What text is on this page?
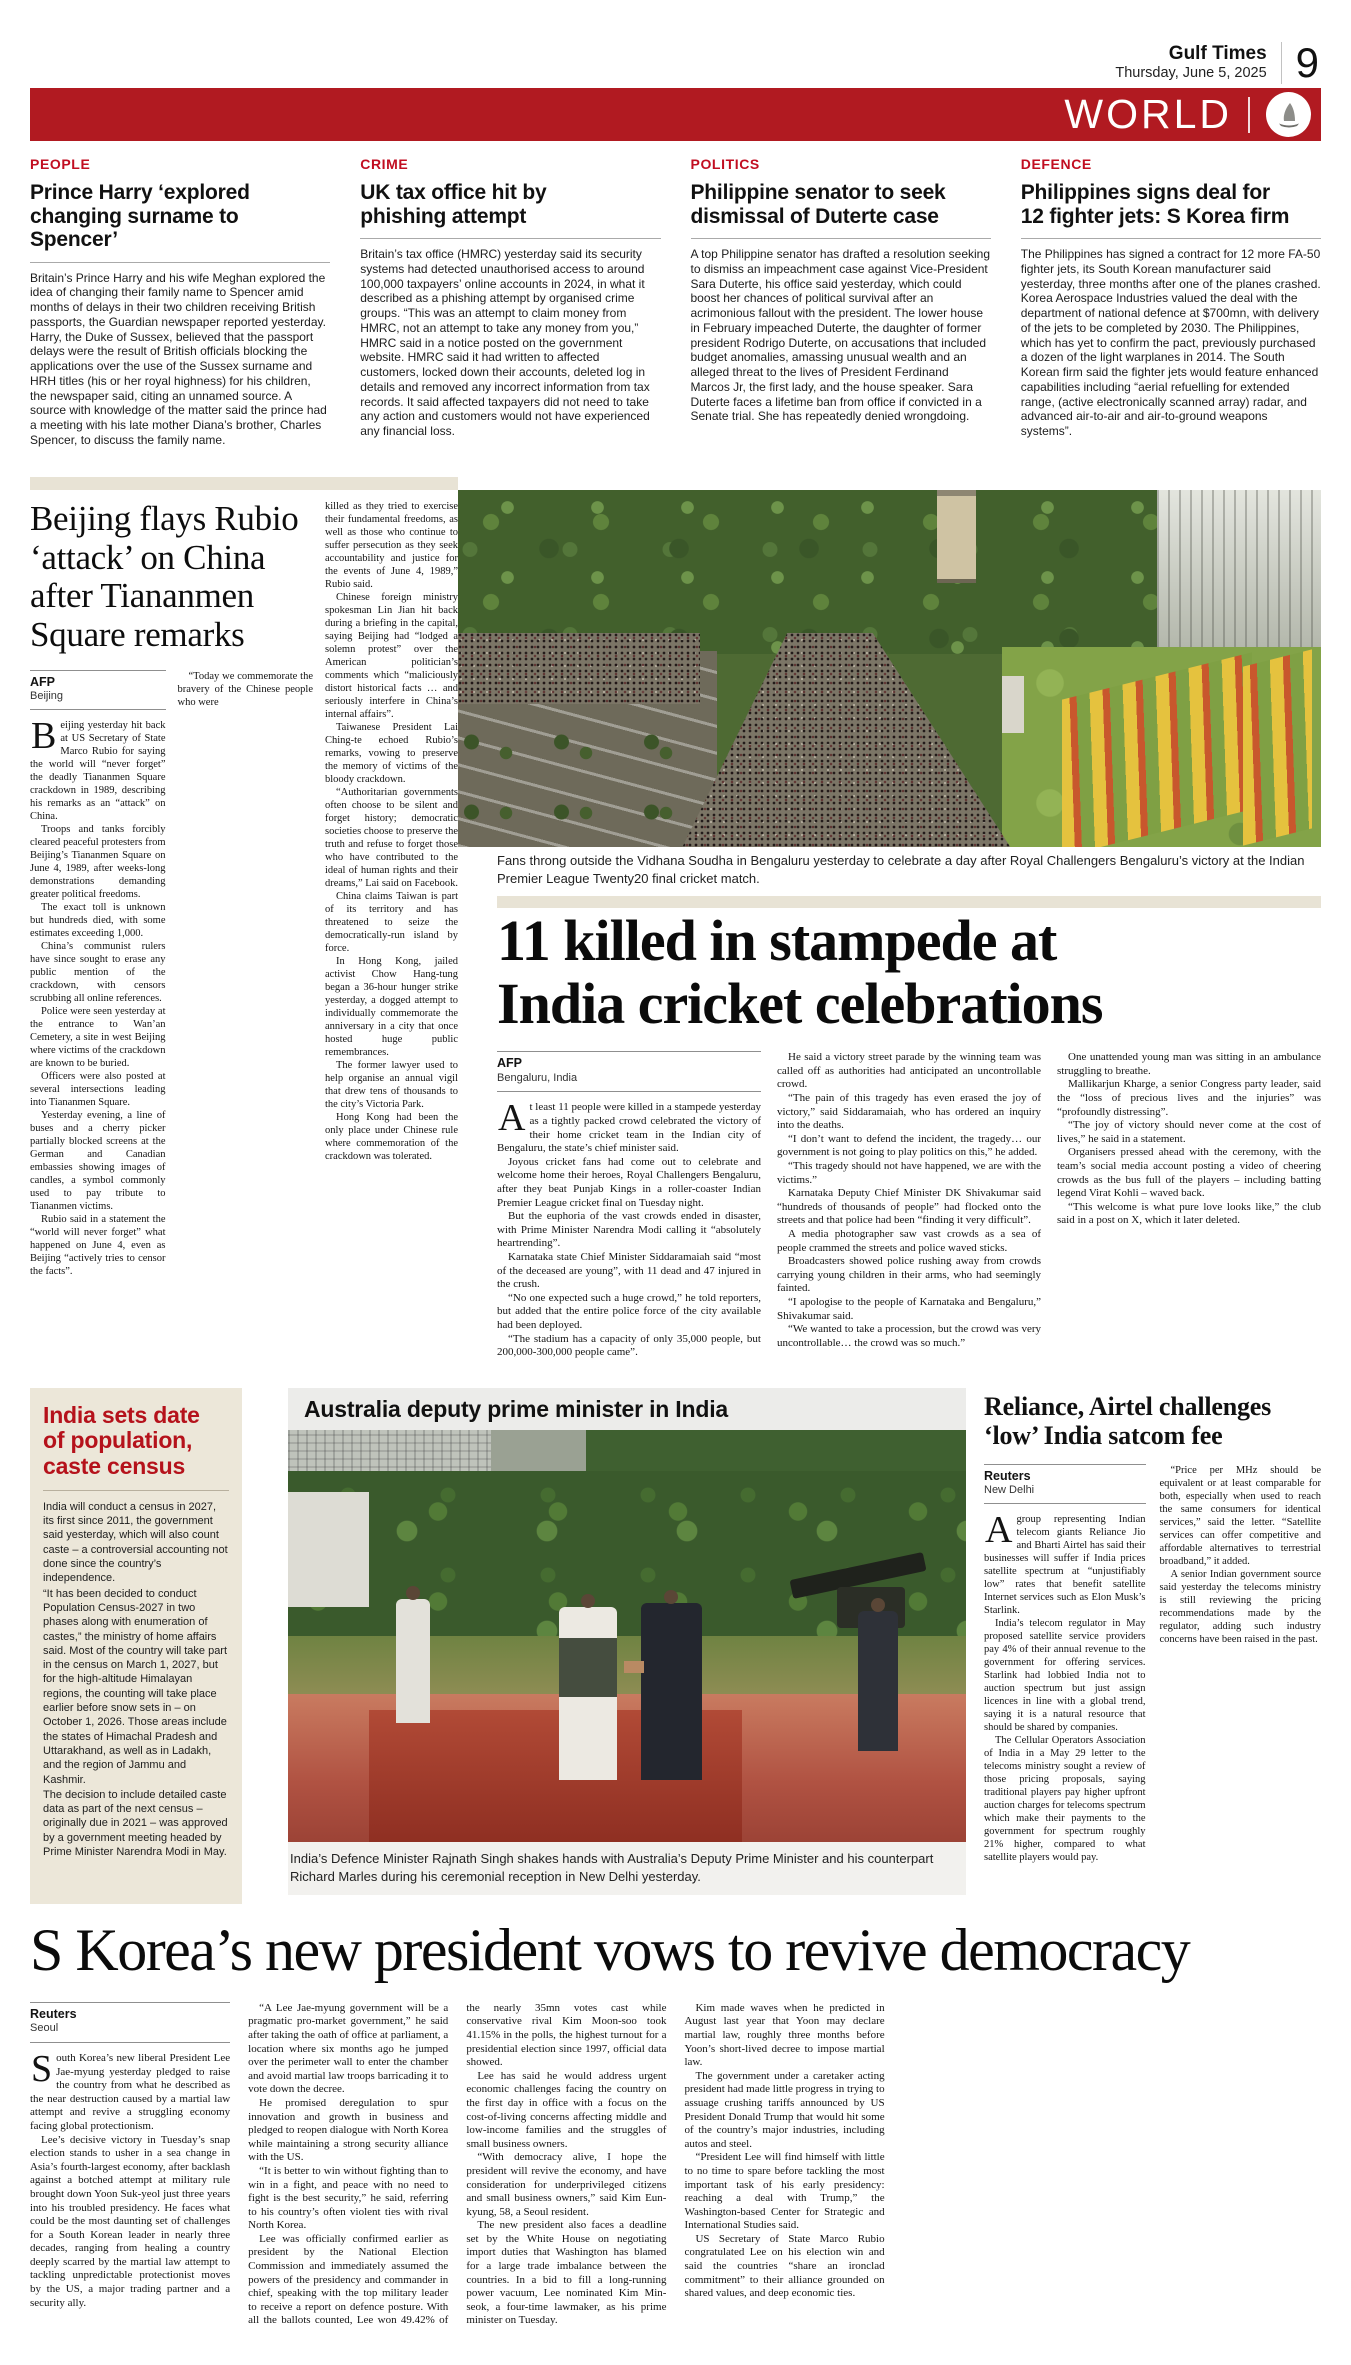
Gulf Times
Thursday, June 5, 2025 9
WORLD
PEOPLE

Prince Harry ‘explored

changing surname to Spencer’

Britain’s Prince Harry and his wife Meghan explored the idea of changing their family name to Spencer amid months of delays in their two children receiving British passports, the Guardian newspaper reported yesterday. Harry, the Duke of Sussex, believed that the passport delays were the result of British officials blocking the applications over the use of the Sussex surname and HRH titles (his or her royal highness) for his children, the newspaper said, citing an unnamed source. A source with knowledge of the matter said the prince had a meeting with his late mother Diana’s brother, Charles Spencer, to discuss the family name.
CRIME

UK tax office hit by

phishing attempt

Britain’s tax office (HMRC) yesterday said its security systems had detected unauthorised access to around 100,000 taxpayers’ online accounts in 2024, in what it described as a phishing attempt by organised crime groups. “This was an attempt to claim money from HMRC, not an attempt to take any money from you,” HMRC said in a notice posted on the government website. HMRC said it had written to affected customers, locked down their accounts, deleted log in details and removed any incorrect information from tax records. It said affected taxpayers did not need to take any action and customers would not have experienced any financial loss.
POLITICS

Philippine senator to seek

dismissal of Duterte case

A top Philippine senator has drafted a resolution seeking to dismiss an impeachment case against Vice-President Sara Duterte, his office said yesterday, which could boost her chances of political survival after an acrimonious fallout with the president. The lower house in February impeached Duterte, the daughter of former president Rodrigo Duterte, on accusations that included budget anomalies, amassing unusual wealth and an alleged threat to the lives of President Ferdinand Marcos Jr, the first lady, and the house speaker. Sara Duterte faces a lifetime ban from office if convicted in a Senate trial. She has repeatedly denied wrongdoing.
DEFENCE

Philippines signs deal for

12 fighter jets: S Korea firm

The Philippines has signed a contract for 12 more FA-50 fighter jets, its South Korean manufacturer said yesterday, three months after one of the planes crashed. Korea Aerospace Industries valued the deal with the department of national defence at $700mn, with delivery of the jets to be completed by 2030. The Philippines, which has yet to confirm the pact, previously purchased a dozen of the light warplanes in 2014. The South Korean firm said the fighter jets would feature enhanced capabilities including “aerial refuelling for extended range, (active electronically scanned array) radar, and advanced air-to-air and air-to-ground weapons systems”.

Beijing flays Rubio

‘attack’ on China

after Tiananmen

Square remarks

AFP
Beijing

Beijing yesterday hit back at US Secretary of State Marco Rubio for saying the world will “never forget” the deadly Tiananmen Square crackdown in 1989, describing his remarks as an “attack” on China.

Troops and tanks forcibly cleared peaceful protesters from Beijing’s Tiananmen Square on June 4, 1989, after weeks-long demonstrations demanding greater political freedoms.

The exact toll is unknown but hundreds died, with some estimates exceeding 1,000.

China’s communist rulers have since sought to erase any public mention of the crackdown, with censors scrubbing all online references.

Police were seen yesterday at the entrance to Wan’an Cemetery, a site in west Beijing where victims of the crackdown are known to be buried.

Officers were also posted at several intersections leading into Tiananmen Square.

Yesterday evening, a line of buses and a cherry picker partially blocked screens at the German and Canadian embassies showing images of candles, a symbol commonly used to pay tribute to Tiananmen victims.

Rubio said in a statement the “world will never forget” what happened on June 4, even as Beijing “actively tries to censor the facts”.

“Today we commemorate the bravery of the Chinese people who were

killed as they tried to exercise their fundamental freedoms, as well as those who continue to suffer persecution as they seek accountability and justice for the events of June 4, 1989,” Rubio said.

Chinese foreign ministry spokesman Lin Jian hit back during a briefing in the capital, saying Beijing had “lodged a solemn protest” over the American politician’s comments which “maliciously distort historical facts … and seriously interfere in China’s internal affairs”.

Taiwanese President Lai Ching-te echoed Rubio’s remarks, vowing to preserve the memory of victims of the bloody crackdown.

“Authoritarian governments often choose to be silent and forget history; democratic societies choose to preserve the truth and refuse to forget those who have contributed to the ideal of human rights and their dreams,” Lai said on Facebook.

China claims Taiwan is part of its territory and has threatened to seize the democratically-run island by force.

In Hong Kong, jailed activist Chow Hang-tung began a 36-hour hunger strike yesterday, a dogged attempt to individually commemorate the anniversary in a city that once hosted huge public remembrances.

The former lawyer used to help organise an annual vigil that drew tens of thousands to the city’s Victoria Park.

Hong Kong had been the only place under Chinese rule where commemoration of the crackdown was tolerated.

Fans throng outside the Vidhana Soudha in Bengaluru yesterday to celebrate a day after Royal Challengers Bengaluru’s victory at the Indian Premier League Twenty20 final cricket match.

11 killed in stampede at

India cricket celebrations

AFP
Bengaluru, India

At least 11 people were killed in a stampede yesterday as a tightly packed crowd celebrated the victory of their home cricket team in the Indian city of Bengaluru, the state’s chief minister said.

Joyous cricket fans had come out to celebrate and welcome home their heroes, Royal Challengers Bengaluru, after they beat Punjab Kings in a roller-coaster Indian Premier League cricket final on Tuesday night.

But the euphoria of the vast crowds ended in disaster, with Prime Minister Narendra Modi calling it “absolutely heartrending”.

Karnataka state Chief Minister Siddaramaiah said “most of the deceased are young”, with 11 dead and 47 injured in the crush.

“No one expected such a huge crowd,” he told reporters, but added that the entire police force of the city available had been deployed.

“The stadium has a capacity of only 35,000 people, but 200,000-300,000 people came”.

He said a victory street parade by the winning team was called off as authorities had anticipated an uncontrollable crowd.

“The pain of this tragedy has even erased the joy of victory,” said Siddaramaiah, who has ordered an inquiry into the deaths.

“I don’t want to defend the incident, the tragedy… our government is not going to play politics on this,” he added.

“This tragedy should not have happened, we are with the victims.”

Karnataka Deputy Chief Minister DK Shivakumar said “hundreds of thousands of people” had flocked onto the streets and that police had been “finding it very difficult”.

A media photographer saw vast crowds as a sea of people crammed the streets and police waved sticks.

Broadcasters showed police rushing away from crowds carrying young children in their arms, who had seemingly fainted.

“I apologise to the people of Karnataka and Bengaluru,” Shivakumar said.

“We wanted to take a procession, but the crowd was very uncontrollable… the crowd was so much.”

One unattended young man was sitting in an ambulance struggling to breathe.

Mallikarjun Kharge, a senior Congress party leader, said the “loss of precious lives and the injuries” was “profoundly distressing”.

“The joy of victory should never come at the cost of lives,” he said in a statement.

Organisers pressed ahead with the ceremony, with the team’s social media account posting a video of cheering crowds as the bus full of the players – including batting legend Virat Kohli – waved back.

“This welcome is what pure love looks like,” the club said in a post on X, which it later deleted.

India sets date

of population,

caste census

India will conduct a census in 2027, its first since 2011, the government said yesterday, which will also count caste – a controversial accounting not done since the country’s independence.

“It has been decided to conduct Population Census-2027 in two phases along with enumeration of castes,” the ministry of home affairs said. Most of the country will take part in the census on March 1, 2027, but for the high-altitude Himalayan regions, the counting will take place earlier before snow sets in – on October 1, 2026. Those areas include the states of Himachal Pradesh and Uttarakhand, as well as in Ladakh, and the region of Jammu and Kashmir.

The decision to include detailed caste data as part of the next census – originally due in 2021 – was approved by a government meeting headed by Prime Minister Narendra Modi in May.

Australia deputy prime minister in India
India’s Defence Minister Rajnath Singh shakes hands with Australia’s Deputy Prime Minister and his counterpart Richard Marles during his ceremonial reception in New Delhi yesterday.

Reliance, Airtel challenges

‘low’ India satcom fee

Reuters
New Delhi

Agroup representing Indian telecom giants Reliance Jio and Bharti Airtel has said their businesses will suffer if India prices satellite spectrum at “unjustifiably low” rates that benefit satellite Internet services such as Elon Musk’s Starlink.

India’s telecom regulator in May proposed satellite service providers pay 4% of their annual revenue to the government for offering services. Starlink had lobbied India not to auction spectrum but just assign licences in line with a global trend, saying it is a natural resource that should be shared by companies.

The Cellular Operators Association of India in a May 29 letter to the telecoms ministry sought a review of those pricing proposals, saying traditional players pay higher upfront auction charges for telecoms spectrum which make their payments to the government for spectrum roughly 21% higher, compared to what satellite players would pay.

“Price per MHz should be equivalent or at least comparable for both, especially when used to reach the same consumers for identical services,” said the letter. “Satellite services can offer competitive and affordable alternatives to terrestrial broadband,” it added.

A senior Indian government source said yesterday the telecoms ministry is still reviewing the pricing recommendations made by the regulator, adding such industry concerns have been raised in the past.

S Korea’s new president vows to revive democracy
Reuters
Seoul

South Korea’s new liberal President Lee Jae-myung yesterday pledged to raise the country from what he described as the near destruction caused by a martial law attempt and revive a struggling economy facing global protectionism.

Lee’s decisive victory in Tuesday’s snap election stands to usher in a sea change in Asia’s fourth-largest economy, after backlash against a botched attempt at military rule brought down Yoon Suk-yeol just three years into his troubled presidency. He faces what could be the most daunting set of challenges for a South Korean leader in nearly three decades, ranging from healing a country deeply scarred by the martial law attempt to tackling unpredictable protectionist moves by the US, a major trading partner and a security ally.

“A Lee Jae-myung government will be a pragmatic pro-market government,” he said after taking the oath of office at parliament, a location where six months ago he jumped over the perimeter wall to enter the chamber and avoid martial law troops barricading it to vote down the decree.

He promised deregulation to spur innovation and growth in business and pledged to reopen dialogue with North Korea while maintaining a strong security alliance with the US.

“It is better to win without fighting than to win in a fight, and peace with no need to fight is the best security,” he said, referring to his country’s often violent ties with rival North Korea.

Lee was officially confirmed earlier as president by the National Election Commission and immediately assumed the powers of the presidency and commander in chief, speaking with the top military leader to receive a report on defence posture. With all the ballots counted, Lee won 49.42% of the nearly 35mn votes cast while conservative rival Kim Moon-soo took 41.15% in the polls, the highest turnout for a presidential election since 1997, official data showed.

Lee has said he would address urgent economic challenges facing the country on the first day in office with a focus on the cost-of-living concerns affecting middle and low-income families and the struggles of small business owners.

“With democracy alive, I hope the president will revive the economy, and have consideration for underprivileged citizens and small business owners,” said Kim Eun-kyung, 58, a Seoul resident.

The new president also faces a deadline set by the White House on negotiating import duties that Washington has blamed for a large trade imbalance between the countries. In a bid to fill a long-running power vacuum, Lee nominated Kim Min-seok, a four-time lawmaker, as his prime minister on Tuesday.

Kim made waves when he predicted in August last year that Yoon may declare martial law, roughly three months before Yoon’s short-lived decree to impose martial law.

The government under a caretaker acting president had made little progress in trying to assuage crushing tariffs announced by US President Donald Trump that would hit some of the country’s major industries, including autos and steel.

“President Lee will find himself with little to no time to spare before tackling the most important task of his early presidency: reaching a deal with Trump,” the Washington-based Center for Strategic and International Studies said.

US Secretary of State Marco Rubio congratulated Lee on his election win and said the countries “share an ironclad commitment” to their alliance grounded on shared values, and deep economic ties.
